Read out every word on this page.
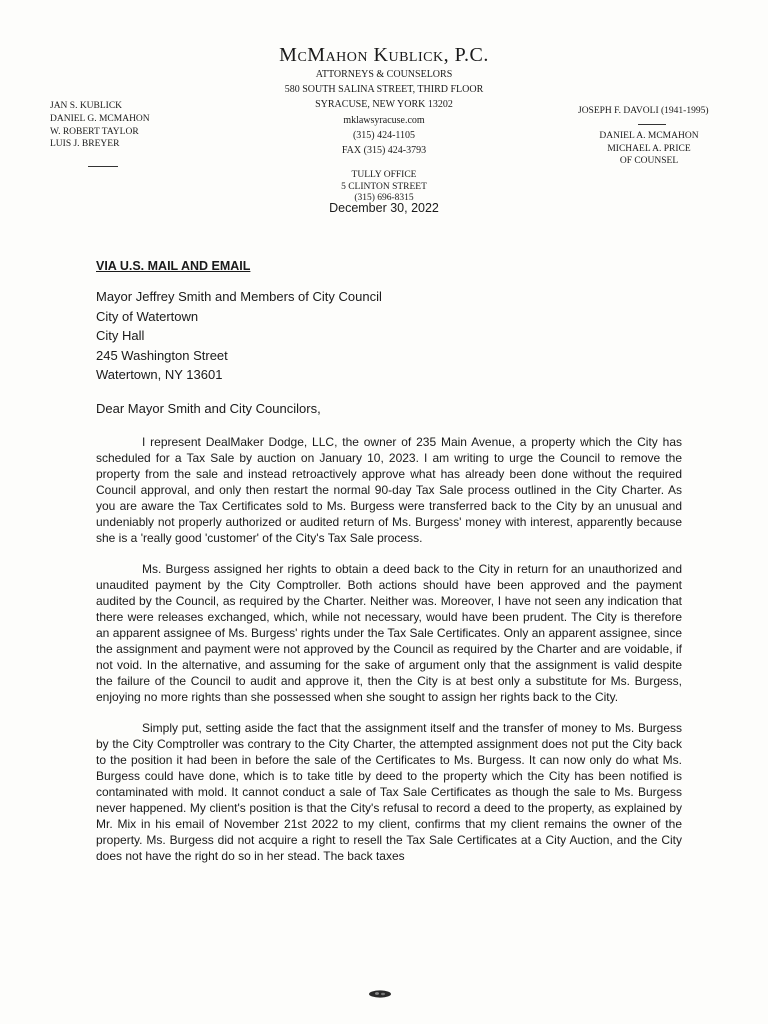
McMahon Kublick, P.C.
ATTORNEYS & COUNSELORS
580 SOUTH SALINA STREET, THIRD FLOOR
SYRACUSE, NEW YORK 13202
mklawsyracuse.com
(315) 424-1105
FAX (315) 424-3793
JAN S. KUBLICK
DANIEL G. MCMAHON
W. ROBERT TAYLOR
LUIS J. BREYER
JOSEPH F. DAVOLI (1941-1995)
DANIEL A. MCMAHON
MICHAEL A. PRICE
OF COUNSEL
TULLY OFFICE
5 CLINTON STREET
(315) 696-8315
December 30, 2022
VIA U.S. MAIL AND EMAIL
Mayor Jeffrey Smith and Members of City Council
City of Watertown
City Hall
245 Washington Street
Watertown, NY 13601
Dear Mayor Smith and City Councilors,

I represent DealMaker Dodge, LLC, the owner of 235 Main Avenue, a property which the City has scheduled for a Tax Sale by auction on January 10, 2023. I am writing to urge the Council to remove the property from the sale and instead retroactively approve what has already been done without the required Council approval, and only then restart the normal 90-day Tax Sale process outlined in the City Charter. As you are aware the Tax Certificates sold to Ms. Burgess were transferred back to the City by an unusual and undeniably not properly authorized or audited return of Ms. Burgess' money with interest, apparently because she is a 'really good 'customer' of the City's Tax Sale process.

Ms. Burgess assigned her rights to obtain a deed back to the City in return for an unauthorized and unaudited payment by the City Comptroller. Both actions should have been approved and the payment audited by the Council, as required by the Charter. Neither was. Moreover, I have not seen any indication that there were releases exchanged, which, while not necessary, would have been prudent. The City is therefore an apparent assignee of Ms. Burgess' rights under the Tax Sale Certificates. Only an apparent assignee, since the assignment and payment were not approved by the Council as required by the Charter and are voidable, if not void. In the alternative, and assuming for the sake of argument only that the assignment is valid despite the failure of the Council to audit and approve it, then the City is at best only a substitute for Ms. Burgess, enjoying no more rights than she possessed when she sought to assign her rights back to the City.

Simply put, setting aside the fact that the assignment itself and the transfer of money to Ms. Burgess by the City Comptroller was contrary to the City Charter, the attempted assignment does not put the City back to the position it had been in before the sale of the Certificates to Ms. Burgess. It can now only do what Ms. Burgess could have done, which is to take title by deed to the property which the City has been notified is contaminated with mold. It cannot conduct a sale of Tax Sale Certificates as though the sale to Ms. Burgess never happened. My client's position is that the City's refusal to record a deed to the property, as explained by Mr. Mix in his email of November 21st 2022 to my client, confirms that my client remains the owner of the property. Ms. Burgess did not acquire a right to resell the Tax Sale Certificates at a City Auction, and the City does not have the right do so in her stead. The back taxes
